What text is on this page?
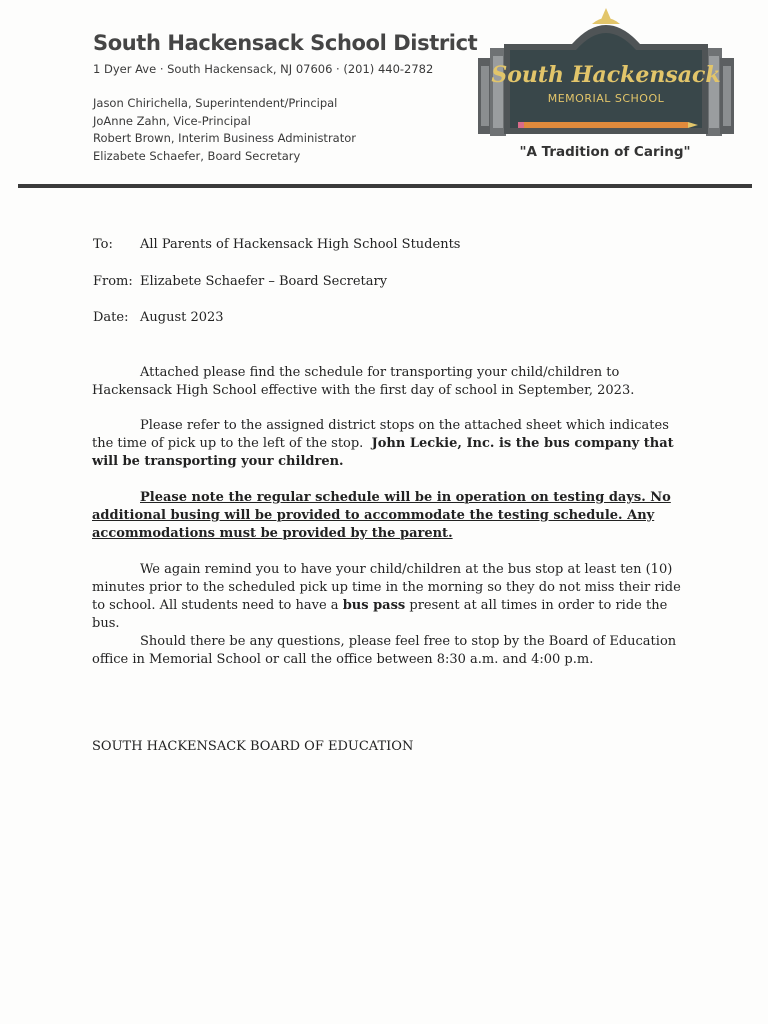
South Hackensack School District
1 Dyer Ave · South Hackensack, NJ 07606 · (201) 440-2782
Jason Chirichella, Superintendent/Principal
JoAnne Zahn, Vice-Principal
Robert Brown, Interim Business Administrator
Elizabete Schaefer, Board Secretary
South Hackensack
MEMORIAL SCHOOL
"A Tradition of Caring"
To: All Parents of Hackensack High School Students
From: Elizabete Schaefer – Board Secretary
Date: August 2023
Attached please find the schedule for transporting your child/children to Hackensack High School effective with the first day of school in September, 2023.
Please refer to the assigned district stops on the attached sheet which indicates the time of pick up to the left of the stop. John Leckie, Inc. is the bus company that will be transporting your children.
Please note the regular schedule will be in operation on testing days. No additional busing will be provided to accommodate the testing schedule. Any accommodations must be provided by the parent.
We again remind you to have your child/children at the bus stop at least ten (10) minutes prior to the scheduled pick up time in the morning so they do not miss their ride to school. All students need to have a bus pass present at all times in order to ride the bus.
Should there be any questions, please feel free to stop by the Board of Education office in Memorial School or call the office between 8:30 a.m. and 4:00 p.m.
SOUTH HACKENSACK BOARD OF EDUCATION
